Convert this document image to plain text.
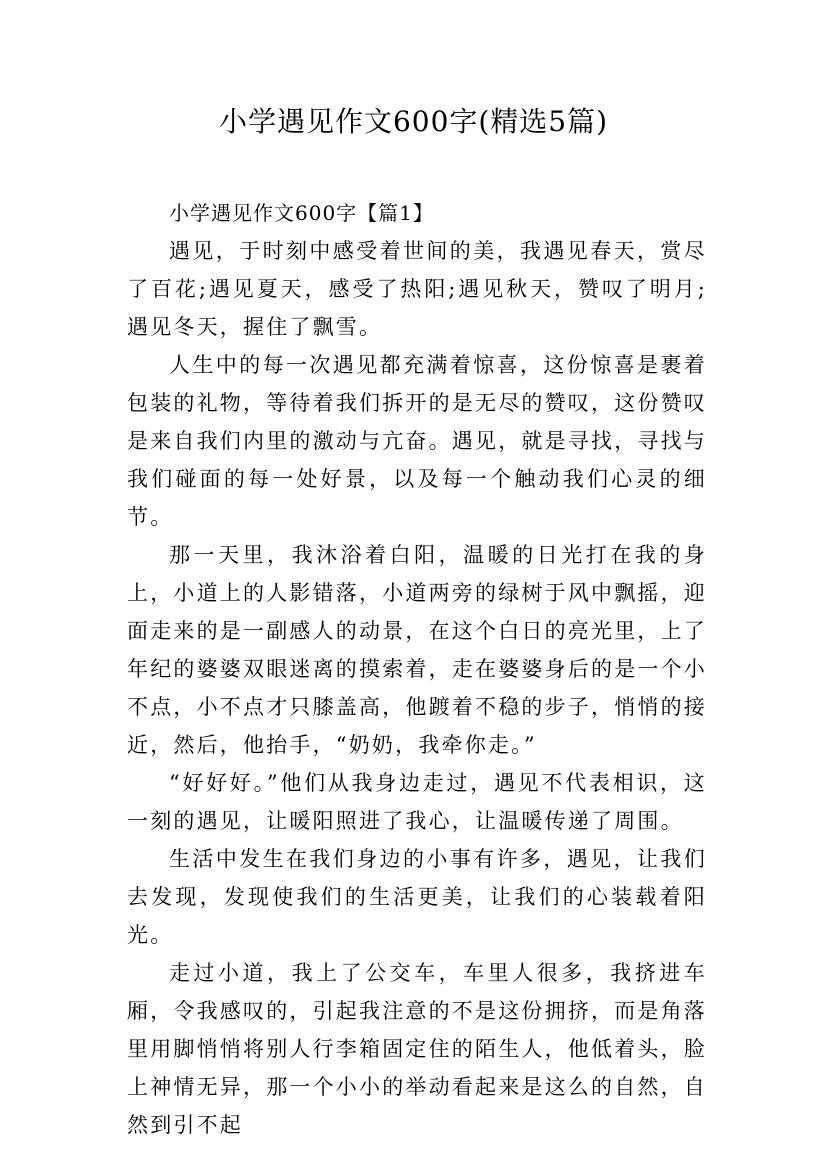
小学遇见作文600字(精选5篇)

小学遇见作文600字【篇1】

遇见，于时刻中感受着世间的美，我遇见春天，赏尽了百花;遇见夏天，感受了热阳;遇见秋天，赞叹了明月;遇见冬天，握住了飘雪。

人生中的每一次遇见都充满着惊喜，这份惊喜是裹着包装的礼物，等待着我们拆开的是无尽的赞叹，这份赞叹是来自我们内里的激动与亢奋。遇见，就是寻找，寻找与我们碰面的每一处好景，以及每一个触动我们心灵的细节。

那一天里，我沐浴着白阳，温暖的日光打在我的身上，小道上的人影错落，小道两旁的绿树于风中飘摇，迎面走来的是一副感人的动景，在这个白日的亮光里，上了年纪的婆婆双眼迷离的摸索着，走在婆婆身后的是一个小不点，小不点才只膝盖高，他踱着不稳的步子，悄悄的接近，然后，他抬手，“奶奶，我牵你走。”

“好好好。”他们从我身边走过，遇见不代表相识，这一刻的遇见，让暖阳照进了我心，让温暖传递了周围。

生活中发生在我们身边的小事有许多，遇见，让我们去发现，发现使我们的生活更美，让我们的心装载着阳光。

走过小道，我上了公交车，车里人很多，我挤进车厢，令我感叹的，引起我注意的不是这份拥挤，而是角落里用脚悄悄将别人行李箱固定住的陌生人，他低着头，脸上神情无异，那一个小小的举动看起来是这么的自然，自然到引不起
